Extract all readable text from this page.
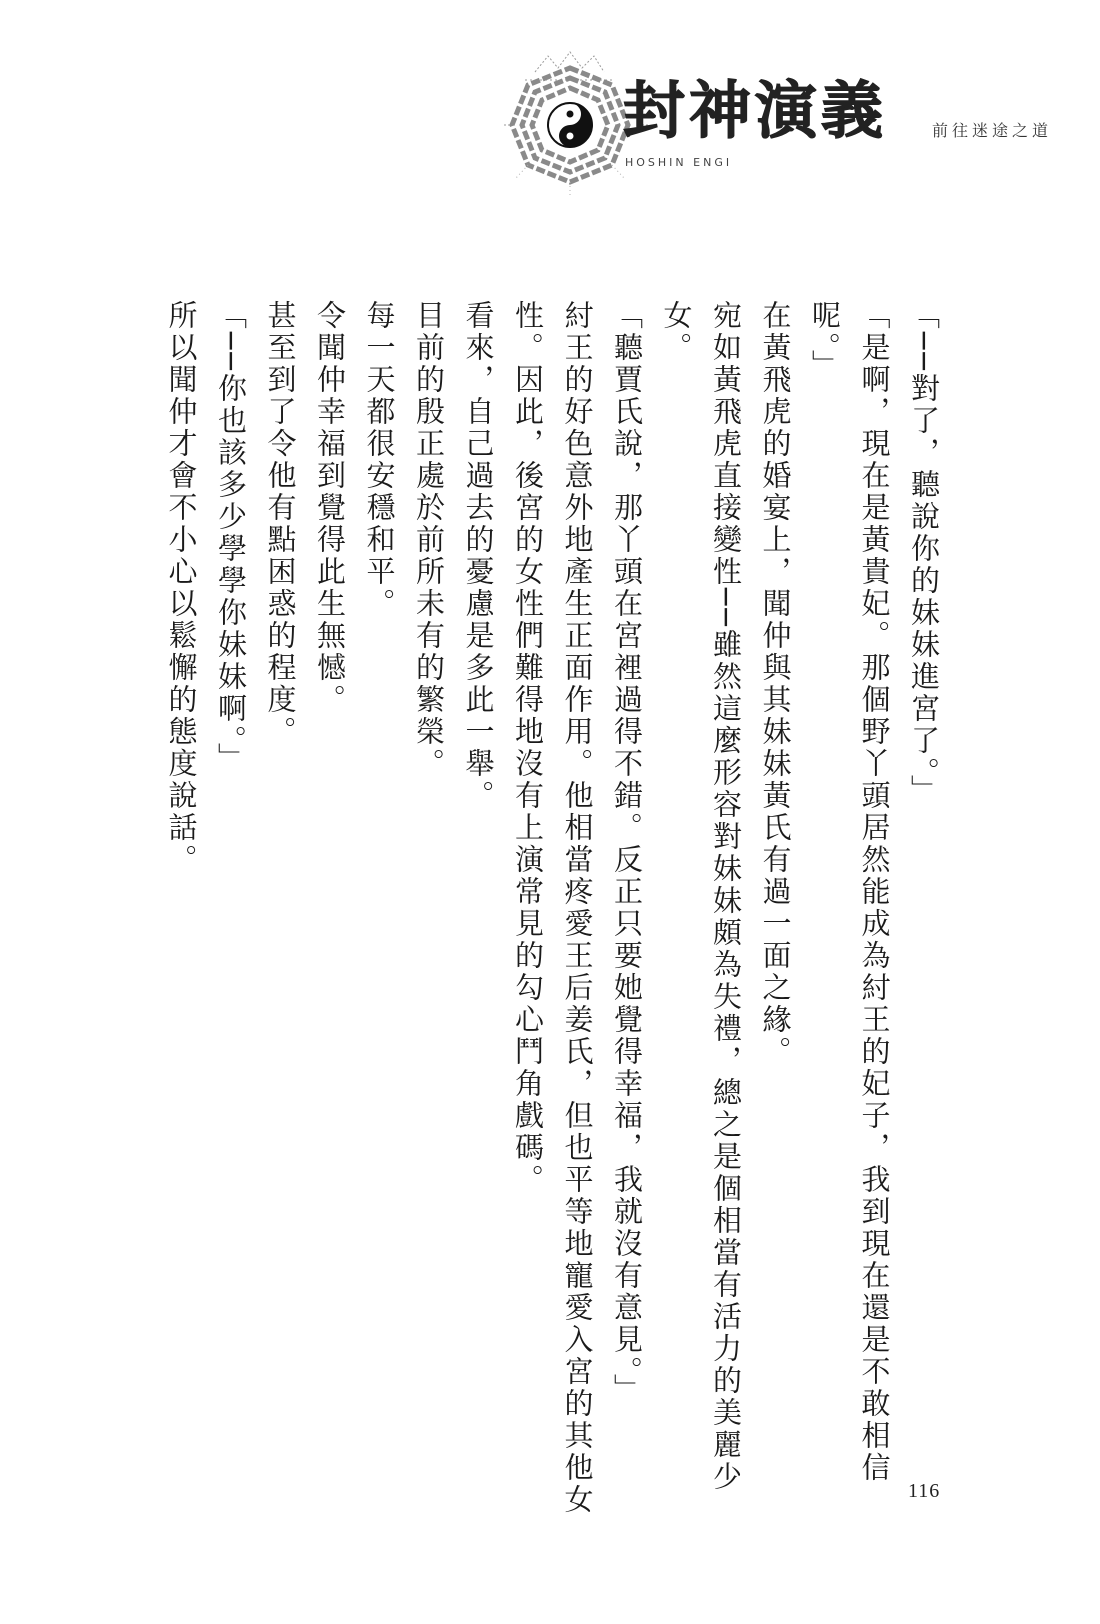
封神演義
HOSHIN ENGI
前往迷途之道

「──對了，聽說你的妹妹進宮了。」

「是啊，現在是黃貴妃。那個野丫頭居然能成為紂王的妃子，我到現在還是不敢相信

呢。」

在黃飛虎的婚宴上，聞仲與其妹妹黃氏有過一面之緣。

宛如黃飛虎直接變性──雖然這麼形容對妹妹頗為失禮，總之是個相當有活力的美麗少

女。

「聽賈氏說，那丫頭在宮裡過得不錯。反正只要她覺得幸福，我就沒有意見。」

紂王的好色意外地產生正面作用。他相當疼愛王后姜氏，但也平等地寵愛入宮的其他女

性。因此，後宮的女性們難得地沒有上演常見的勾心鬥角戲碼。

看來，自己過去的憂慮是多此一舉。

目前的殷正處於前所未有的繁榮。

每一天都很安穩和平。

令聞仲幸福到覺得此生無憾。

甚至到了令他有點困惑的程度。

「──你也該多少學學你妹妹啊。」

所以聞仲才會不小心以鬆懈的態度說話。

116
